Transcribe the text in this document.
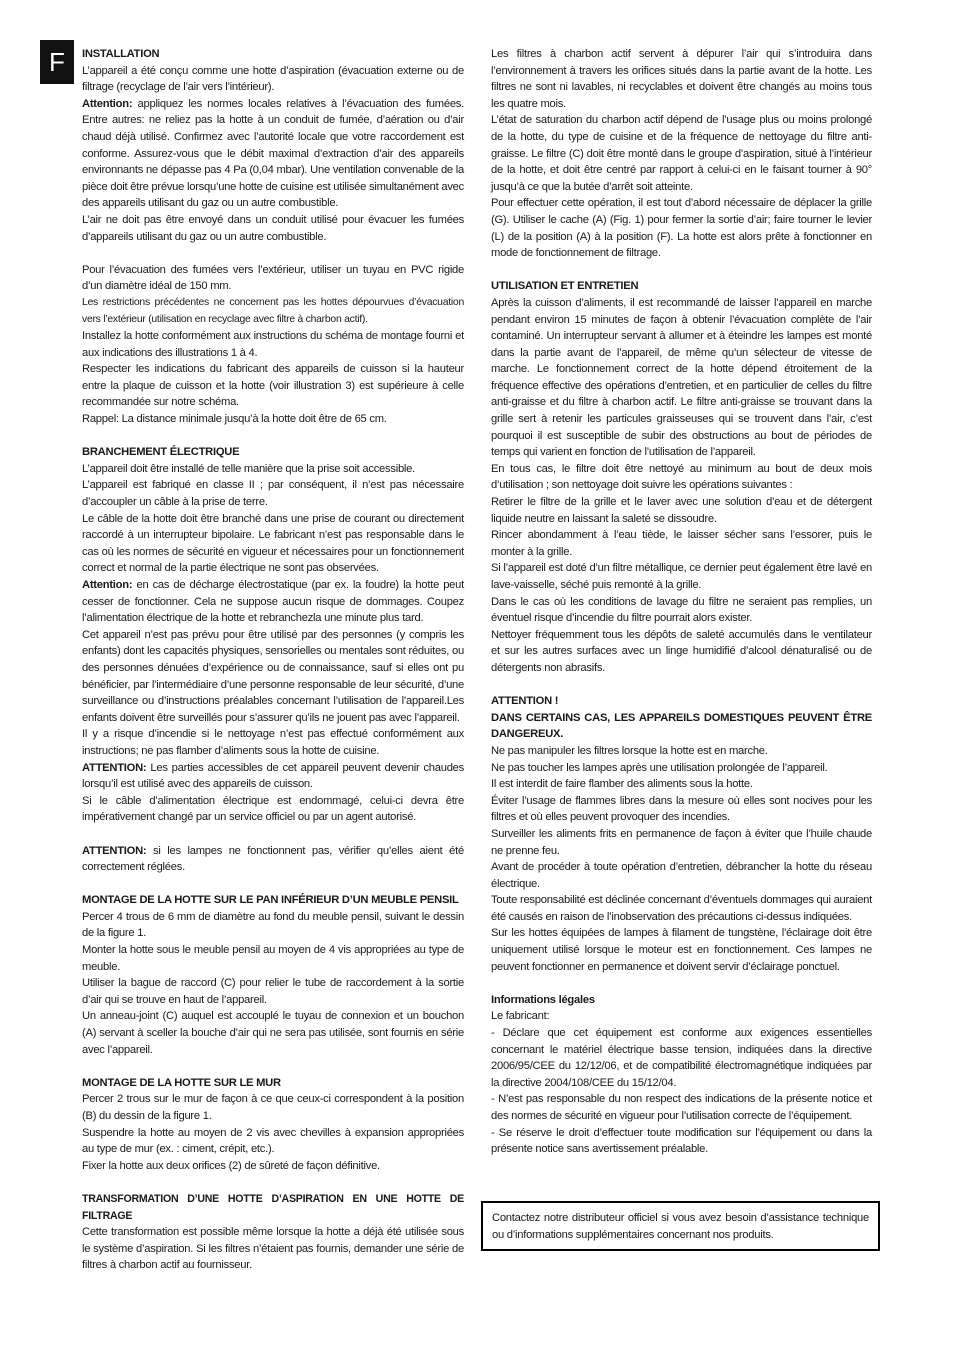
F	INSTALLATION

L’appareil a été conçu comme une hotte d’aspiration (évacuation externe ou de filtrage (recyclage de l’air vers l’intérieur).

Attention: appliquez les normes locales relatives à l’évacuation des fumées. Entre autres: ne reliez pas la hotte à un conduit de fumée, d’aération ou d’air chaud déjà utilisé. Confirmez avec l’autorité locale que votre raccordement est conforme. Assurez-vous que le débit maximal d’extraction d’air des appareils environnants ne dépasse pas 4 Pa (0,04 mbar). Une ventilation convenable de la pièce doit être prévue lorsqu’une hotte de cuisine est utilisée simultanément avec des appareils utilisant du gaz ou un autre combustible.

L’air ne doit pas être envoyé dans un conduit utilisé pour évacuer les fumées d’appareils utilisant du gaz ou un autre combustible.

Pour l’évacuation des fumées vers l’extérieur, utiliser un tuyau en PVC rigide d’un diamètre idéal de 150 mm.

Les restrictions précédentes ne concernent pas les hottes dépourvues d’évacuation vers l’extérieur (utilisation en recyclage avec filtre à charbon actif).

Installez la hotte conformément aux instructions du schéma de montage fourni et aux indications des illustrations 1 à 4.

Respecter les indications du fabricant des appareils de cuisson si la hauteur entre la plaque de cuisson et la hotte (voir illustration 3) est supérieure à celle recommandée sur notre schéma.

Rappel: La distance minimale jusqu’à la hotte doit être de 65 cm.

BRANCHEMENT ÉLECTRIQUE

L’appareil doit être installé de telle manière que la prise soit accessible.

L’appareil est fabriqué en classe II ; par conséquent, il n’est pas nécessaire d’accoupler un câble à la prise de terre.

Le câble de la hotte doit être branché dans une prise de courant ou directement raccordé à un interrupteur bipolaire. Le fabricant n’est pas responsable dans le cas où les normes de sécurité en vigueur et nécessaires pour un fonctionnement correct et normal de la partie électrique ne sont pas observées.

Attention: en cas de décharge électrostatique (par ex. la foudre) la hotte peut cesser de fonctionner. Cela ne suppose aucun risque de dommages. Coupez l’alimentation électrique de la hotte et rebranchezla une minute plus tard.

Cet appareil n’est pas prévu pour être utilisé par des personnes (y compris les enfants) dont les capacités physiques, sensorielles ou mentales sont réduites, ou des personnes dénuées d’expérience ou de connaissance, sauf si elles ont pu bénéficier, par l’intermédiaire d’une personne responsable de leur sécurité, d’une surveillance ou d’instructions préalables concernant l’utilisation de l’appareil.Les enfants doivent être surveillés pour s’assurer qu’ils ne jouent pas avec l’appareil.

Il y a risque d’incendie si le nettoyage n’est pas effectué conformément aux instructions; ne pas flamber d’aliments sous la hotte de cuisine.

ATTENTION: Les parties accessibles de cet appareil peuvent devenir chaudes lorsqu’il est utilisé avec des appareils de cuisson.

Si le câble d’alimentation électrique est endommagé, celui-ci devra être impérativement changé par un service officiel ou par un agent autorisé.

ATTENTION: si les lampes ne fonctionnent pas, vérifier qu’elles aient été correctement réglées.

MONTAGE DE LA HOTTE SUR LE PAN INFÉRIEUR D’UN MEUBLE PENSIL

Percer 4 trous de 6 mm de diamètre au fond du meuble pensil, suivant le dessin de la figure 1.

Monter la hotte sous le meuble pensil au moyen de 4 vis appropriées au type de meuble.

Utiliser la bague de raccord (C) pour relier le tube de raccordement à la sortie d’air qui se trouve en haut de l’appareil.

Un anneau-joint (C) auquel est accouplé le tuyau de connexion et un bouchon (A) servant à sceller la bouche d’air qui ne sera pas utilisée, sont fournis en série avec l’appareil.

MONTAGE DE LA HOTTE SUR LE MUR

Percer 2 trous sur le mur de façon à ce que ceux-ci correspondent à la position (B) du dessin de la figure 1.

Suspendre la hotte au moyen de 2 vis avec chevilles à expansion appropriées au type de mur (ex. : ciment, crépit, etc.).

Fixer la hotte aux deux orifices (2) de sûreté de façon définitive.

TRANSFORMATION D’UNE HOTTE D’ASPIRATION EN UNE HOTTE DE FILTRAGE

Cette transformation est possible même lorsque la hotte a déjà été utilisée sous le système d’aspiration. Si les filtres n’étaient pas fournis, demander une série de filtres à charbon actif au fournisseur.

Les filtres à charbon actif servent à dépurer l’air qui s’introduira dans l’environnement à travers les orifices situés dans la partie avant de la hotte. Les filtres ne sont ni lavables, ni recyclables et doivent être changés au moins tous les quatre mois.

L’état de saturation du charbon actif dépend de l’usage plus ou moins prolongé de la hotte, du type de cuisine et de la fréquence de nettoyage du filtre anti-graisse. Le filtre (C) doit être monté dans le groupe d’aspiration, situé à l’intérieur de la hotte, et doit être centré par rapport à celui-ci en le faisant tourner à 90° jusqu’à ce que la butée d’arrêt soit atteinte.

Pour effectuer cette opération, il est tout d’abord nécessaire de déplacer la grille (G). Utiliser le cache (A) (Fig. 1) pour fermer la sortie d’air; faire tourner le levier (L) de la position (A) à la position (F). La hotte est alors prête à fonctionner en mode de fonctionnement de filtrage.

UTILISATION ET ENTRETIEN

Après la cuisson d’aliments, il est recommandé de laisser l’appareil en marche pendant environ 15 minutes de façon à obtenir l’évacuation complète de l’air contaminé. Un interrupteur servant à allumer et à éteindre les lampes est monté dans la partie avant de l’appareil, de même qu’un sélecteur de vitesse de marche. Le fonctionnement correct de la hotte dépend étroitement de la fréquence effective des opérations d’entretien, et en particulier de celles du filtre anti-graisse et du filtre à charbon actif. Le filtre anti-graisse se trouvant dans la grille sert à retenir les particules graisseuses qui se trouvent dans l’air, c’est pourquoi il est susceptible de subir des obstructions au bout de périodes de temps qui varient en fonction de l’utilisation de l’appareil.

En tous cas, le filtre doit être nettoyé au minimum au bout de deux mois d’utilisation ; son nettoyage doit suivre les opérations suivantes :

Retirer le filtre de la grille et le laver avec une solution d’eau et de détergent liquide neutre en laissant la saleté se dissoudre.

Rincer abondamment à l’eau tiède, le laisser sécher sans l’essorer, puis le monter à la grille.

Si l’appareil est doté d’un filtre métallique, ce dernier peut également être lavé en lave-vaisselle, séché puis remonté à la grille.

Dans le cas où les conditions de lavage du filtre ne seraient pas remplies, un éventuel risque d’incendie du filtre pourrait alors exister.

Nettoyer fréquemment tous les dépôts de saleté accumulés dans le ventilateur et sur les autres surfaces avec un linge humidifié d’alcool dénaturalisé ou de détergents non abrasifs.

ATTENTION !

DANS CERTAINS CAS, LES APPAREILS DOMESTIQUES PEUVENT ÊTRE DANGEREUX.

Ne pas manipuler les filtres lorsque la hotte est en marche.

Ne pas toucher les lampes après une utilisation prolongée de l’appareil.

Il est interdit de faire flamber des aliments sous la hotte.

Éviter l’usage de flammes libres dans la mesure où elles sont nocives pour les filtres et où elles peuvent provoquer des incendies.

Surveiller les aliments frits en permanence de façon à éviter que l’huile chaude ne prenne feu.

Avant de procéder à toute opération d’entretien, débrancher la hotte du réseau électrique.

Toute responsabilité est déclinée concernant d’éventuels dommages qui auraient été causés en raison de l’inobservation des précautions ci-dessus indiquées.

Sur les hottes équipées de lampes à filament de tungstène, l’éclairage doit être uniquement utilisé lorsque le moteur est en fonctionnement. Ces lampes ne peuvent fonctionner en permanence et doivent servir d’éclairage ponctuel.

Informations légales

Le fabricant:

- Déclare que cet équipement est conforme aux exigences essentielles concernant le matériel électrique basse tension, indiquées dans la directive 2006/95/CEE du 12/12/06, et de compatibilité électromagnétique indiquées par la directive 2004/108/CEE du 15/12/04.

- N’est pas responsable du non respect des indications de la présente notice et des normes de sécurité en vigueur pour l’utilisation correcte de l’équipement.

- Se réserve le droit d’effectuer toute modification sur l’équipement ou dans la présente notice sans avertissement préalable.

Contactez notre distributeur officiel si vous avez besoin d’assistance technique ou d’informations supplémentaires concernant nos produits.
